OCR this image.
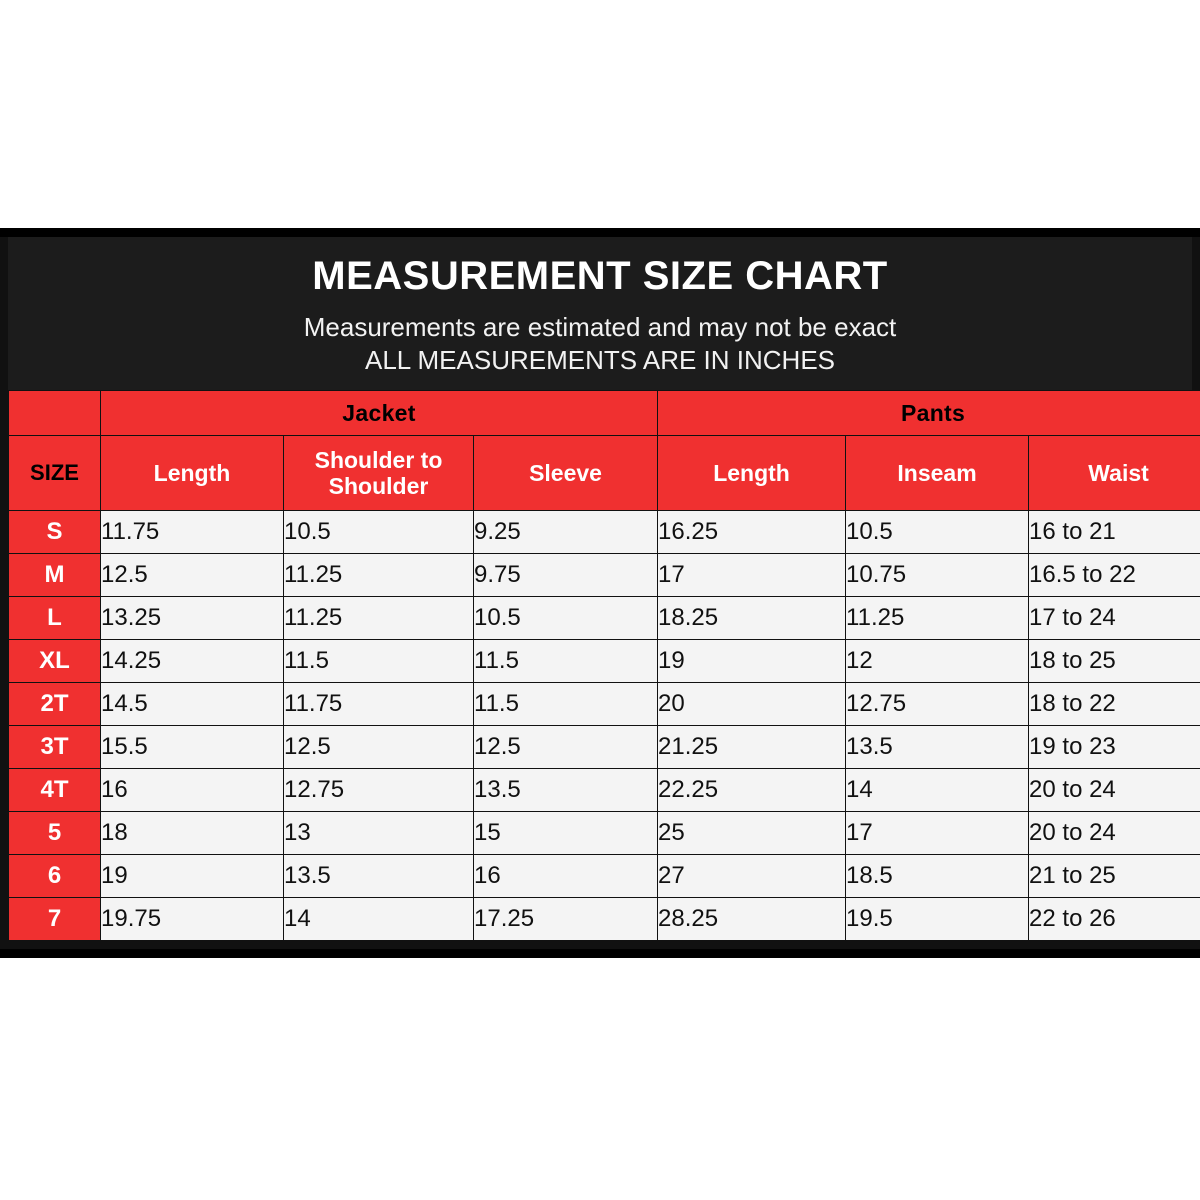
MEASUREMENT SIZE CHART
Measurements are estimated and may not be exact
ALL MEASUREMENTS ARE IN INCHES
	Jacket			Pants		
SIZE	Length	Shoulder to Shoulder	Sleeve	Length	Inseam	Waist
S	11.75	10.5	9.25	16.25	10.5	16 to 21
M	12.5	11.25	9.75	17	10.75	16.5 to 22
L	13.25	11.25	10.5	18.25	11.25	17 to 24
XL	14.25	11.5	11.5	19	12	18 to 25
2T	14.5	11.75	11.5	20	12.75	18 to 22
3T	15.5	12.5	12.5	21.25	13.5	19 to 23
4T	16	12.75	13.5	22.25	14	20 to 24
5	18	13	15	25	17	20 to 24
6	19	13.5	16	27	18.5	21 to 25
7	19.75	14	17.25	28.25	19.5	22 to 26
